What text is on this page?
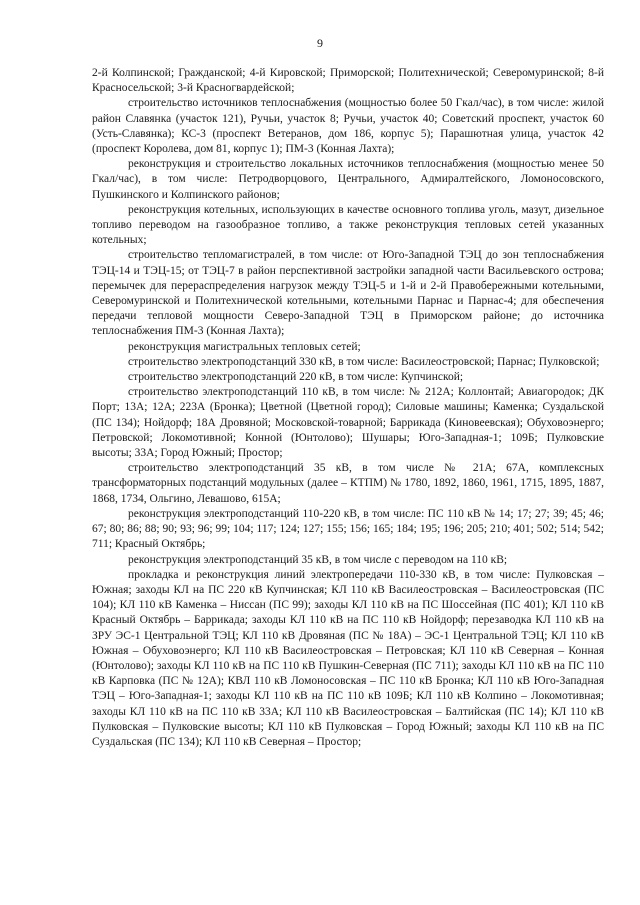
9

2-й Колпинской; Гражданской; 4-й Кировской; Приморской; Политехнической; Северомуринской; 8-й Красносельской; 3-й Красногвардейской;

строительство источников теплоснабжения (мощностью более 50 Гкал/час), в том числе: жилой район Славянка (участок 121), Ручьи, участок 8; Ручьи, участок 40; Советский проспект, участок 60 (Усть-Славянка); КС-3 (проспект Ветеранов, дом 186, корпус 5); Парашютная улица, участок 42 (проспект Королева, дом 81, корпус 1); ПМ-3 (Конная Лахта);

реконструкция и строительство локальных источников теплоснабжения (мощностью менее 50 Гкал/час), в том числе: Петродворцового, Центрального, Адмиралтейского, Ломоносовского, Пушкинского и Колпинского районов;

реконструкция котельных, использующих в качестве основного топлива уголь, мазут, дизельное топливо переводом на газообразное топливо, а также реконструкция тепловых сетей указанных котельных;

строительство тепломагистралей, в том числе: от Юго-Западной ТЭЦ до зон теплоснабжения ТЭЦ-14 и ТЭЦ-15; от ТЭЦ-7 в район перспективной застройки западной части Васильевского острова; перемычек для перераспределения нагрузок между ТЭЦ-5 и 1-й и 2-й Правобережными котельными, Северомуринской и Политехнической котельными, котельными Парнас и Парнас-4; для обеспечения передачи тепловой мощности Северо-Западной ТЭЦ в Приморском районе; до источника теплоснабжения ПМ-3 (Конная Лахта);

реконструкция магистральных тепловых сетей;

строительство электроподстанций 330 кВ, в том числе: Василеостровской; Парнас; Пулковской;

строительство электроподстанций 220 кВ, в том числе: Купчинской;

строительство электроподстанций 110 кВ, в том числе: № 212А; Коллонтай; Авиагородок; ДК Порт; 13А; 12А; 223А (Бронка); Цветной (Цветной город); Силовые машины; Каменка; Суздальской (ПС 134); Нойдорф; 18А Дровяной; Московской-товарной; Баррикада (Киновеевская); Обуховоэнерго; Петровской; Локомотивной; Конной (Юнтолово); Шушары; Юго-Западная-1; 109Б; Пулковские высоты; 33А; Город Южный; Простор;

строительство электроподстанций 35 кВ, в том числе № 21А; 67А, комплексных трансформаторных подстанций модульных (далее – КТПМ) № 1780, 1892, 1860, 1961, 1715, 1895, 1887, 1868, 1734, Ольгино, Левашово, 615А;

реконструкция электроподстанций 110-220 кВ, в том числе: ПС 110 кВ № 14; 17; 27; 39; 45; 46; 67; 80; 86; 88; 90; 93; 96; 99; 104; 117; 124; 127; 155; 156; 165; 184; 195; 196; 205; 210; 401; 502; 514; 542; 711; Красный Октябрь;

реконструкция электроподстанций 35 кВ, в том числе с переводом на 110 кВ;

прокладка и реконструкция линий электропередачи 110-330 кВ, в том числе: Пулковская – Южная; заходы КЛ на ПС 220 кВ Купчинская; КЛ 110 кВ Василеостровская – Василеостровская (ПС 104); КЛ 110 кВ Каменка – Ниссан (ПС 99); заходы КЛ 110 кВ на ПС Шоссейная (ПС 401); КЛ 110 кВ Красный Октябрь – Баррикада; заходы КЛ 110 кВ на ПС 110 кВ Нойдорф; перезаводка КЛ 110 кВ на ЗРУ ЭС-1 Центральной ТЭЦ; КЛ 110 кВ Дровяная (ПС № 18А) – ЭС-1 Центральной ТЭЦ; КЛ 110 кВ Южная – Обуховоэнерго; КЛ 110 кВ Василеостровская – Петровская; КЛ 110 кВ Северная – Конная (Юнтолово); заходы КЛ 110 кВ на ПС 110 кВ Пушкин-Северная (ПС 711); заходы КЛ 110 кВ на ПС 110 кВ Карповка (ПС № 12А); КВЛ 110 кВ Ломоносовская – ПС 110 кВ Бронка; КЛ 110 кВ Юго-Западная ТЭЦ – Юго-Западная-1; заходы КЛ 110 кВ на ПС 110 кВ 109Б; КЛ 110 кВ Колпино – Локомотивная; заходы КЛ 110 кВ на ПС 110 кВ 33А; КЛ 110 кВ Василеостровская – Балтийская (ПС 14); КЛ 110 кВ Пулковская – Пулковские высоты; КЛ 110 кВ Пулковская – Город Южный; заходы КЛ 110 кВ на ПС Суздальская (ПС 134); КЛ 110 кВ Северная – Простор;
